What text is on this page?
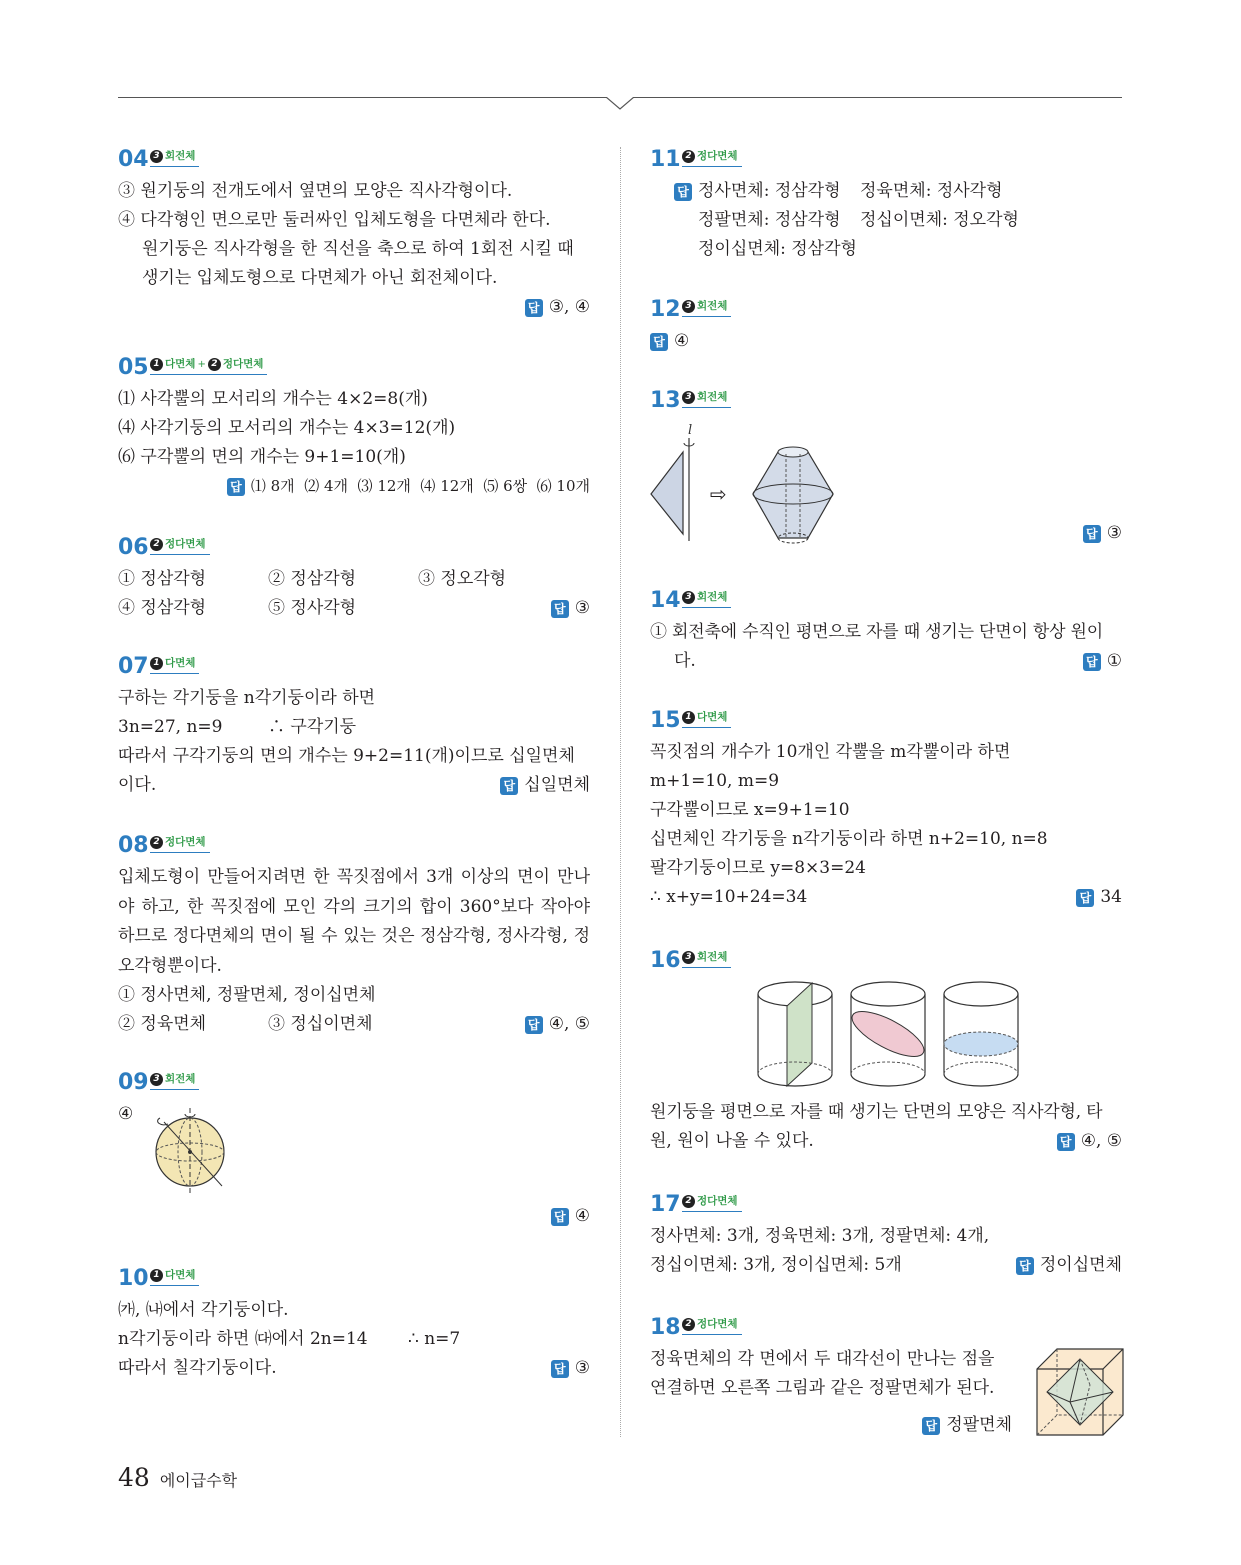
04 3 회전체
③ 원기둥의 전개도에서 옆면의 모양은 직사각형이다.
④ 다각형인 면으로만 둘러싸인 입체도형을 다면체라 한다.
원기둥은 직사각형을 한 직선을 축으로 하여 1회전 시킬 때
생기는 입체도형으로 다면체가 아닌 회전체이다.
답 ③, ④
05 1 다면체 + 2 정다면체
⑴ 사각뿔의 모서리의 개수는 4×2=8(개)
⑷ 사각기둥의 모서리의 개수는 4×3=12(개)
⑹ 구각뿔의 면의 개수는 9+1=10(개)
답 ⑴ 8개  ⑵ 4개  ⑶ 12개  ⑷ 12개  ⑸ 6쌍  ⑹ 10개
06 2 정다면체
① 정삼각형	② 정삼각형	③ 정오각형
④ 정삼각형	⑤ 정사각형	답 ③
07 1 다면체
구하는 각기둥을 n각기둥이라 하면
3n=27, n=9	∴ 구각기둥
따라서 구각기둥의 면의 개수는 9+2=11(개)이므로 십일면체
이다.	답 십일면체
08 2 정다면체
입체도형이 만들어지려면 한 꼭짓점에서 3개 이상의 면이 만나야 하고, 한 꼭짓점에 모인 각의 크기의 합이 360°보다 작아야 하므로 정다면체의 면이 될 수 있는 것은 정삼각형, 정사각형, 정오각형뿐이다.
① 정사면체, 정팔면체, 정이십면체
② 정육면체	③ 정십이면체	답 ④, ⑤
09 3 회전체
④
답 ④
10 1 다면체
㈎, ㈏에서 각기둥이다.
n각기둥이라 하면 ㈐에서 2n=14	∴ n=7
따라서 칠각기둥이다.	답 ③
11 2 정다면체
답 정사면체: 정삼각형	정육면체: 정사각형
정팔면체: 정삼각형	정십이면체: 정오각형
정이십면체: 정삼각형
12 3 회전체
답 ④
13 3 회전체
l
⇨
답 ③
14 3 회전체
① 회전축에 수직인 평면으로 자를 때 생기는 단면이 항상 원이
다.	답 ①
15 1 다면체
꼭짓점의 개수가 10개인 각뿔을 m각뿔이라 하면
m+1=10, m=9
구각뿔이므로 x=9+1=10
십면체인 각기둥을 n각기둥이라 하면 n+2=10, n=8
팔각기둥이므로 y=8×3=24
∴ x+y=10+24=34	답 34
16 3 회전체
원기둥을 평면으로 자를 때 생기는 단면의 모양은 직사각형, 타
원, 원이 나올 수 있다.	답 ④, ⑤
17 2 정다면체
정사면체: 3개, 정육면체: 3개, 정팔면체: 4개,
정십이면체: 3개, 정이십면체: 5개	답 정이십면체
18 2 정다면체
정육면체의 각 면에서 두 대각선이 만나는 점을
연결하면 오른쪽 그림과 같은 정팔면체가 된다.
답 정팔면체
48 에이급수학
